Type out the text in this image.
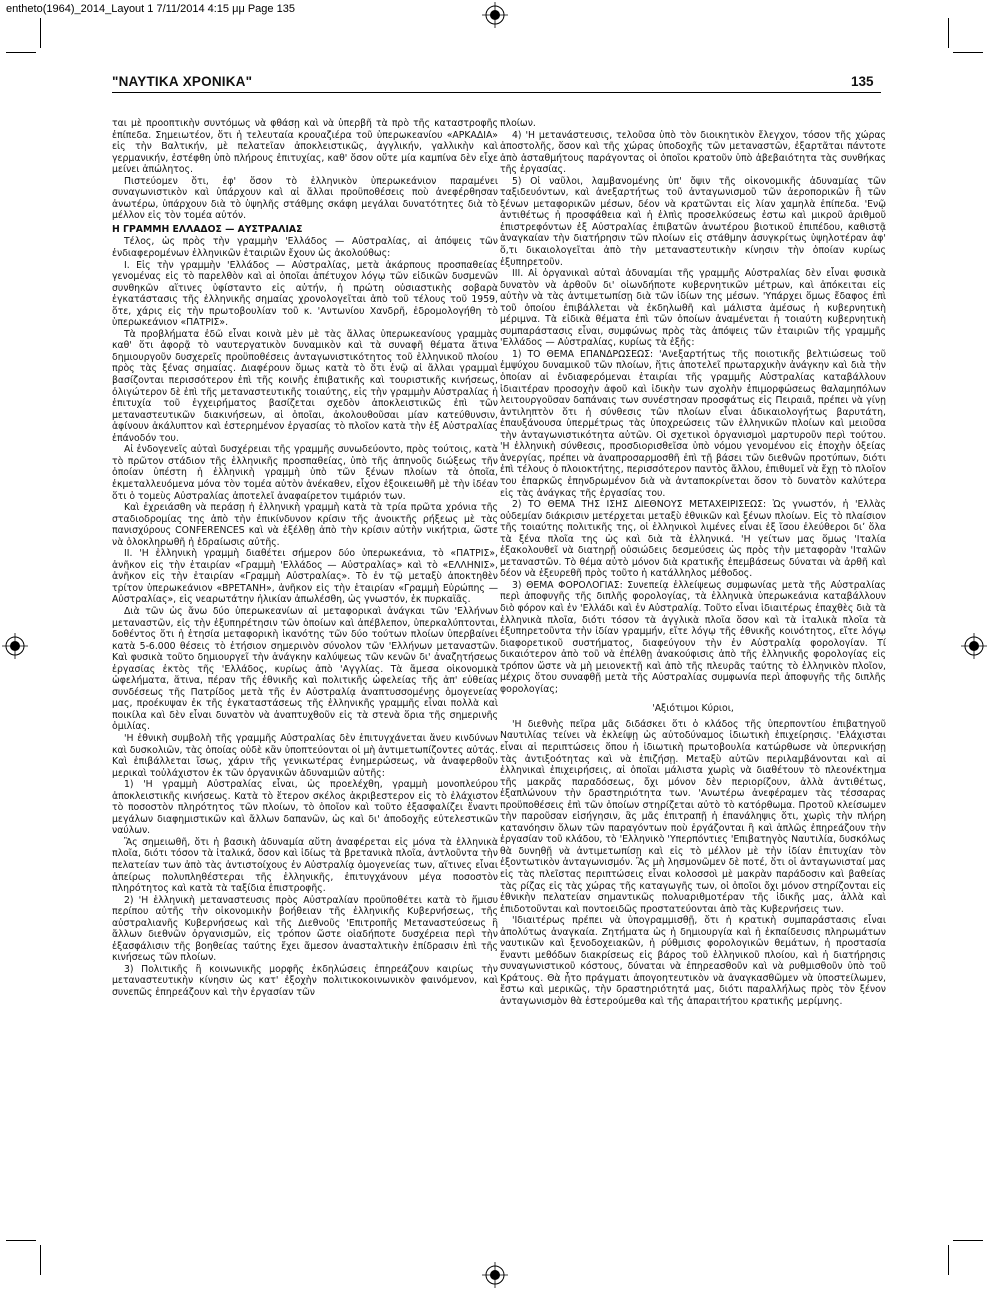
entheto(1964)_2014_Layout 1 7/11/2014 4:15 μμ Page 135
"ΝΑΥΤΙΚΑ ΧΡΟΝΙΚΑ"	135

ται μὲ προοπτικὴν συντόμως νὰ φθάσῃ καὶ νὰ ὑπερβῆ τὰ πρὸ τῆς καταστροφῆς ἐπίπεδα. Σημειωτέον, ὅτι ἡ τελευταία κρουαζιέρα τοῦ ὑπερωκεανίου «ΑΡΚΑΔΙΑ» εἰς τὴν Βαλτικήν, μὲ πελατεῖαν ἀποκλειστικῶς, ἀγγλικήν, γαλλικὴν καὶ γερμανικήν, ἐστέφθη ὑπὸ πλήρους ἐπιτυχίας, καθ' ὅσον οὔτε μία καμπίνα δὲν εἶχε μείνει ἀπώλητος.

Πιστεύομεν ὅτι, ἐφ' ὅσον τὸ ἑλληνικὸν ὑπερωκεάνιον παραμένει συναγωνιστικὸν καὶ ὑπάρχουν καὶ αἱ ἄλλαι προϋποθέσεις ποὺ ἀνεφέρθησαν ἀνωτέρω, ὑπάρχουν διὰ τὸ ὑψηλῆς στάθμης σκάφη μεγάλαι δυνατότητες διὰ τὸ μέλλον εἰς τὸν τομέα αὐτόν.

Η ΓΡΑΜΜΗ ΕΛΛΑΔΟΣ — ΑΥΣΤΡΑΛΙΑΣ

Τέλος, ὡς πρὸς τὴν γραμμὴν 'Ελλάδος — Αὐστραλίας, αἱ ἀπόψεις τῶν ἐνδιαφερομένων ἑλληνικῶν ἑταιριῶν ἔχουν ὡς ἀκολούθως:

Ι. Εἰς τὴν γραμμὴν 'Ελλάδος — Αὐστραλίας, μετὰ ἀκάρπους προσπαθείας γενομένας εἰς τὸ παρελθὸν καὶ αἱ ὁποῖαι ἀπέτυχον λόγῳ τῶν εἰδικῶν δυσμενῶν συνθηκῶν αἵτινες ὑφίσταντο εἰς αὐτήν, ἡ πρώτη οὐσιαστικὴς σοβαρὰ ἐγκατάστασις τῆς ἑλληνικῆς σημαίας χρονολογεῖται ἀπὸ τοῦ τέλους τοῦ 1959, ὅτε, χάρις εἰς τὴν πρωτοβουλίαν τοῦ κ. 'Αντωνίου Χανδρῆ, ἐδρομολογήθη τὸ ὑπερωκεάνιον «ΠΑΤΡΙΣ».

Τὰ προβλήματα ἐδῶ εἶναι κοινὰ μὲν μὲ τὰς ἄλλας ὑπερωκεανίους γραμμὰς καθ' ὅτι ἀφορᾷ τὸ ναυτεργατικὸν δυναμικὸν καὶ τὰ συναφῆ θέματα ἅτινα δημιουργοῦν δυσχερεῖς προϋποθέσεις ἀνταγωνιστικότητος τοῦ ἑλληνικοῦ πλοίου πρὸς τὰς ξένας σημαίας. Διαφέρουν ὅμως κατὰ τὸ ὅτι ἐνῷ αἱ ἄλλαι γραμμαὶ βασίζονται περισσότερον ἐπὶ τῆς κοινῆς ἐπιβατικῆς καὶ τουριστικῆς κινήσεως, ὀλιγώτερον δὲ ἐπὶ τῆς μεταναστευτικῆς τοιαύτης, εἰς τὴν γραμμὴν Αὐστραλίας ἡ ἐπιτυχία τοῦ ἐγχειρήματος βασίζεται σχεδὸν ἀποκλειστικῶς ἐπὶ τῶν μεταναστευτικῶν διακινήσεων, αἱ ὁποῖαι, ἀκολουθοῦσαι μίαν κατεύθυνσιν, ἀφίνουν ἀκάλυπτον καὶ ἐστερημένον ἐργασίας τὸ πλοῖον κατὰ τὴν ἐξ Αὐστραλίας ἐπάνοδόν του.

Αἱ ἐνδογενεῖς αὐταὶ δυσχέρειαι τῆς γραμμῆς συνωδεύοντο, πρὸς τούτοις, κατὰ τὸ πρῶτον στάδιον τῆς ἑλληνικῆς προσπαθείας, ὑπὸ τῆς ἀπηνοῦς διώξεως τῆν ὁποίαν ὑπέστη ἡ ἑλληνικὴ γραμμὴ ὑπὸ τῶν ξένων πλοίων τὰ ὁποῖα, ἐκμεταλλευόμενα μόνα τὸν τομέα αὐτὸν ἀνέκαθεν, εἶχον ἐξοικειωθῆ μὲ τὴν ἰδέαν ὅτι ὁ τομεὺς Αὐστραλίας ἀποτελεῖ ἀναφαίρετον τιμάριόν των.

Καὶ ἐχρειάσθη νὰ περάσῃ ἡ ἑλληνικὴ γραμμὴ κατὰ τὰ τρία πρῶτα χρόνια τῆς σταδιοδρομίας της ἀπὸ τὴν ἐπικίνδυνον κρίσιν τῆς ἀνοικτῆς ρήξεως μὲ τὰς πανισχύρους CONFERENCES καὶ νὰ ἐξέλθῃ ἀπὸ τὴν κρίσιν αὐτὴν νικήτρια, ὥστε νὰ ὁλοκληρωθῆ ἡ ἑδραίωσις αὐτῆς.

ΙΙ. 'Η ἑλληνικὴ γραμμὴ διαθέτει σήμερον δύο ὑπερωκεάνια, τὸ «ΠΑΤΡΙΣ», ἀνῆκον εἰς τὴν ἑταιρίαν «Γραμμὴ 'Ελλάδος — Αὐστραλίας» καὶ τὸ «ΕΛΛΗΝΙΣ», ἀνῆκον εἰς τὴν ἑταιρίαν «Γραμμὴ Αὐστραλίας». Τὸ ἐν τῷ μεταξὺ ἀποκτηθὲν τρίτον ὑπερωκεάνιον «ΒΡΕΤΑΝΗ», ἀνῆκον εἰς τὴν ἑταιρίαν «Γραμμὴ Εὐρώπης — Αὐστραλίας», εἰς νεαρωτάτην ἡλικίαν ἀπωλέσθη, ὡς γνωστόν, ἐκ πυρκαϊᾶς.

Διὰ τῶν ὡς ἄνω δύο ὑπερωκεανίων αἱ μεταφορικαὶ ἀνάγκαι τῶν 'Ελλήνων μεταναστῶν, εἰς τὴν ἐξυπηρέτησιν τῶν ὁποίων καὶ ἀπέβλεπον, ὑπερκαλύπτονται, δοθέντος ὅτι ἡ ἐτησία μεταφορικὴ ἱκανότης τῶν δύο τούτων πλοίων ὑπερβαίνει κατὰ 5-6.000 θέσεις τὸ ἐτήσιον σημερινὸν σύνολον τῶν 'Ελλήνων μεταναστῶν. Καὶ φυσικὰ τοῦτο δημιουργεῖ τὴν ἀνάγκην καλύψεως τῶν κενῶν δι' ἀναζητήσεως ἐργασίας ἐκτὸς τῆς 'Ελλάδος, κυρίως ἀπὸ 'Αγγλίας. Τὰ ἄμεσα οἰκονομικὰ ὠφελήματα, ἅτινα, πέραν τῆς ἐθνικῆς καὶ πολιτικῆς ὠφελείας τῆς ἀπ' εὐθείας συνδέσεως τῆς Πατρίδος μετὰ τῆς ἐν Αὐστραλίᾳ ἀναπτυσσομένης ὁμογενείας μας, προέκυψαν ἐκ τῆς ἐγκαταστάσεως τῆς ἑλληνικῆς γραμμῆς εἶναι πολλὰ καὶ ποικίλα καὶ δὲν εἶναι δυνατὸν νὰ ἀναπτυχθοῦν εἰς τὰ στενὰ ὅρια τῆς σημερινῆς ὁμιλίας.

'Η ἐθνικὴ συμβολὴ τῆς γραμμῆς Αὐστραλίας δὲν ἐπιτυγχάνεται ἄνευ κινδύνων καὶ δυσκολιῶν, τὰς ὁποίας οὐδὲ κἂν ὑποπτεύονται οἱ μὴ ἀντιμετωπίζοντες αὐτάς. Καὶ ἐπιβάλλεται ἴσως, χάριν τῆς γενικωτέρας ἐνημερώσεως, νὰ ἀναφερθοῦν μερικαὶ τοὐλάχιστον ἐκ τῶν ὀργανικῶν ἀδυναμιῶν αὐτῆς:

1) 'Η γραμμὴ Αὐστραλίας εἶναι, ὡς προελέχθη, γραμμὴ μονοπλεύρου ἀποκλειστικῆς κινήσεως. Κατὰ τὸ ἕτερον σκέλος ἀκριβεστερον εἰς τὸ ἐλάχιστον τὸ ποσοστὸν πληρότητος τῶν πλοίων, τὸ ὁποῖον καὶ τοῦτο ἐξασφαλίζει ἔναντι μεγάλων διαφημιστικῶν καὶ ἄλλων δαπανῶν, ὡς καὶ δι' ἀποδοχῆς εὐτελεστικῶν ναύλων.

Ἃς σημειωθῆ, ὅτι ἡ βασικὴ ἀδυναμία αὕτη ἀναφέρεται εἰς μόνα τὰ ἑλληνικὰ πλοῖα, διότι τόσον τὰ ἰταλικά, ὅσον καὶ ἰδίως τὰ βρετανικὰ πλοῖα, ἀντλοῦντα τὴν πελατείαν των ἀπὸ τὰς ἀντιστοίχους ἐν Αὐστραλίᾳ ὁμογενείας των, αἵτινες εἶναι ἀπείρως πολυπληθέστεραι τῆς ἑλληνικῆς, ἐπιτυγχάνουν μέγα ποσοστὸν πληρότητος καὶ κατὰ τὰ ταξίδια ἐπιστροφῆς.

2) 'Η ἑλληνικὴ μεταναστευσις πρὸς Αὐστραλίαν προϋποθέτει κατὰ τὸ ἥμισυ περίπου αὐτῆς τὴν οἰκονομικὴν βοήθειαν τῆς ἑλληνικῆς Κυβερνήσεως, τῆς αὐστραλιανῆς Κυβερνήσεως καὶ τῆς Διεθνοῦς 'Επιτροπῆς Μεταναστεύσεως ἢ ἄλλων διεθνῶν ὀργανισμῶν, εἰς τρόπον ὥστε οἱαδήποτε δυσχέρεια περὶ τὴν ἐξασφάλισιν τῆς βοηθείας ταύτης ἔχει ἄμεσον ἀνασταλτικὴν ἐπίδρασιν ἐπὶ τῆς κινήσεως τῶν πλοίων.

3) Πολιτικῆς ἢ κοινωνικῆς μορφῆς ἐκδηλώσεις ἐπηρεάζουν καιρίως τὴν μεταναστευτικὴν κίνησιν ὡς κατ' ἐξοχὴν πολιτικοκοινωνικὸν φαινόμενον, καὶ συνεπῶς ἐπηρεάζουν καὶ τὴν ἐργασίαν τῶν

πλοίων.

4) 'Η μετανάστευσις, τελοῦσα ὑπὸ τὸν διοικητικὸν ἔλεγχον, τόσον τῆς χώρας ἀποστολῆς, ὅσον καὶ τῆς χώρας ὑποδοχῆς τῶν μεταναστῶν, ἐξαρτᾶται πάντοτε ἀπὸ ἀσταθμήτους παράγοντας οἱ ὁποῖοι κρατοῦν ὑπὸ ἀβεβαιότητα τὰς συνθήκας τῆς ἐργασίας.

5) Οἱ ναῦλοι, λαμβανομένης ὑπ' ὄψιν τῆς οἰκονομικῆς ἀδυναμίας τῶν ταξιδευόντων, καὶ ἀνεξαρτήτως τοῦ ἀνταγωνισμοῦ τῶν ἀεροπορικῶν ἢ τῶν ξένων μεταφορικῶν μέσων, δέον νὰ κρατῶνται εἰς λίαν χαμηλὰ ἐπίπεδα. 'Ενῷ ἀντιθέτως ἡ προσφάθεια καὶ ἡ ἐλπὶς προσελκύσεως ἐστω καὶ μικροῦ ἀριθμοῦ ἐπιστρεφόντων ἐξ Αὐστραλίας ἐπιβατῶν ἀνωτέρου βιοτικοῦ ἐπιπέδου, καθιστᾷ ἀναγκαίαν τὴν διατήρησιν τῶν πλοίων εἰς στάθμην ἀσυγκρίτως ὑψηλοτέραν ἀφ' ὅ,τι δικαιολογεῖται ἀπὸ τὴν μεταναστευτικὴν κίνησιν τὴν ὁποίαν κυρίως ἐξυπηρετοῦν.

ΙΙΙ. Αἱ ὀργανικαὶ αὐταὶ ἀδυναμίαι τῆς γραμμῆς Αὐστραλίας δὲν εἶναι φυσικὰ δυνατὸν νὰ ἀρθοῦν δι' οἱωνδήποτε κυβερνητικῶν μέτρων, καὶ ἀπόκειται εἰς αὐτὴν νὰ τὰς ἀντιμετωπίσῃ διὰ τῶν ἰδίων της μέσων. 'Υπάρχει ὅμως ἔδαφος ἐπὶ τοῦ ὁποίου ἐπιβάλλεται νὰ ἐκδηλωθῆ καὶ μάλιστα ἀμέσως ἡ κυβερνητικὴ μέριμνα. Τὰ εἰδικὰ θέματα ἐπὶ τῶν ὁποίων ἀναμένεται ἡ τοιαύτη κυβερνητικὴ συμπαράστασις εἶναι, συμφώνως πρὸς τὰς ἀπόψεις τῶν ἑταιριῶν τῆς γραμμῆς 'Ελλάδος — Αὐστραλίας, κυρίως τὰ ἑξῆς:

1) ΤΟ ΘΕΜΑ ΕΠΑΝΔΡΩΣΕΩΣ: 'Ανεξαρτήτως τῆς ποιοτικῆς βελτιώσεως τοῦ ἐμψύχου δυναμικοῦ τῶν πλοίων, ἥτις ἀποτελεῖ πρωταρχικὴν ἀνάγκην καὶ διὰ τὴν ὁποίαν αἱ ἐνδιαφερόμεναι ἑταιρίαι τῆς γραμμῆς Αὐστραλίας καταβάλλουν ἰδιαιτέραν προσοχὴν ἀφοῦ καὶ ἰδικὴν των σχολὴν ἐπιμορφώσεως θαλαμηπόλων λειτουργοῦσαν δαπάναις των συνέστησαν προσφάτως εἰς Πειραιᾶ, πρέπει νὰ γίνῃ ἀντιληπτὸν ὅτι ἡ σύνθεσις τῶν πλοίων εἶναι ἀδικαιολογήτως βαρυτάτη, ἐπαυξάνουσα ὑπερμέτρως τὰς ὑποχρεώσεις τῶν ἑλληνικῶν πλοίων καὶ μειοῦσα τὴν ἀνταγωνιστικότητα αὐτῶν. Οἱ σχετικοὶ ὀργανισμοὶ μαρτυροῦν περὶ τούτου. 'Η ἑλληνικὴ σύνθεσις, προσδιορισθεῖσα ὑπὸ νόμου γενομένου εἰς ἐποχὴν ὀξείας ἀνεργίας, πρέπει νὰ ἀναπροσαρμοσθῆ ἐπὶ τῇ βάσει τῶν διεθνῶν προτύπων, διότι ἐπὶ τέλους ὁ πλοιοκτήτης, περισσότερον παντὸς ἄλλου, ἐπιθυμεῖ νὰ ἔχῃ τὸ πλοῖον του ἐπαρκῶς ἐπηνδρωμένον διὰ νὰ ἀνταποκρίνεται ὅσον τὸ δυνατὸν καλύτερα εἰς τὰς ἀνάγκας τῆς ἐργασίας του.

2) ΤΟ ΘΕΜΑ ΤΗΣ ΙΣΗΣ ΔΙΕΘΝΟΥΣ ΜΕΤΑΧΕΙΡΙΣΕΩΣ: Ὡς γνωστόν, ἡ 'Ελλὰς οὐδεμίαν διάκρισιν μετέρχεται μεταξὺ ἐθνικῶν καὶ ξένων πλοίων. Εἰς τὸ πλαίσιον τῆς τοιαύτης πολιτικῆς της, οἱ ἑλληνικοὶ λιμένες εἶναι ἐξ ἴσου ἐλεύθεροι διʼ ὅλα τὰ ξένα πλοῖα της ὡς καὶ διὰ τὰ ἑλληνικά. 'Η γείτων μας ὅμως 'Ιταλία ἐξακολουθεῖ νὰ διατηρῇ οὐσιώδεις δεσμεύσεις ὡς πρὸς τὴν μεταφορὰν 'Ιταλῶν μεταναστῶν. Τὸ θέμα αὐτὸ μόνον διὰ κρατικῆς ἐπεμβάσεως δύναται νὰ ἀρθῆ καὶ δέον νὰ ἐξευρεθῆ πρὸς τοῦτο ἡ κατάλληλος μέθοδος.

3) ΘΕΜΑ ΦΟΡΟΛΟΓΙΑΣ: Συνεπείᾳ ἐλλείψεως συμφωνίας μετὰ τῆς Αὐστραλίας περὶ ἀποφυγῆς τῆς διπλῆς φορολογίας, τὰ ἑλληνικὰ ὑπερωκεάνια καταβάλλουν διὸ φόρον καὶ ἐν 'Ελλάδι καὶ ἐν Αὐστραλίᾳ. Τοῦτο εἶναι ἰδιαιτέρως ἐπαχθὲς διὰ τὰ ἑλληνικὰ πλοῖα, διότι τόσον τὰ ἀγγλικὰ πλοῖα ὅσον καὶ τὰ ἰταλικὰ πλοῖα τὰ ἐξυπηρετοῦντα τὴν ἰδίαν γραμμήν, εἴτε λόγῳ τῆς ἐθνικῆς κοινότητος, εἴτε λόγῳ διαφορετικοῦ συστήματος, διαφεύγουν τὴν ἐν Αὐστραλίᾳ φορολογίαν. Τί δικαιότερον ἀπὸ τοῦ νὰ ἐπέλθῃ ἀνακούφισις ἀπὸ τῆς ἑλληνικῆς φορολογίας εἰς τρόπον ὥστε νὰ μὴ μειονεκτῇ καὶ ἀπὸ τῆς πλευρᾶς ταύτης τὸ ἑλληνικὸν πλοῖον, μέχρις ὅτου συναφθῇ μετὰ τῆς Αὐστραλίας συμφωνία περὶ ἀποφυγῆς τῆς διπλῆς φορολογίας;

'Αξιότιμοι Κύριοι,

'Η διεθνὴς πεῖρα μᾶς διδάσκει ὅτι ὁ κλάδος τῆς ὑπερποντίου ἐπιβατηγοῦ Ναυτιλίας τείνει νὰ ἐκλείψῃ ὡς αὐτοδύναμος ἰδιωτικὴ ἐπιχείρησις. 'Ελάχισται εἶναι αἱ περιπτώσεις ὅπου ἡ ἰδιωτικὴ πρωτοβουλία κατώρθωσε νὰ ὑπερνικήσῃ τὰς ἀντιξοότητας καὶ νὰ ἐπιζήσῃ. Μεταξὺ αὐτῶν περιλαμβάνονται καὶ αἱ ἑλληνικαὶ ἐπιχειρήσεις, αἱ ὁποῖαι μάλιστα χωρὶς νὰ διαθέτουν τὸ πλεονέκτημα τῆς μακρᾶς παραδόσεως, ὄχι μόνον δὲν περιορίζουν, ἀλλὰ ἀντιθέτως, ἐξαπλώνουν τὴν δραστηριότητα των. 'Ανωτέρω ἀνεφέραμεν τὰς τέσσαρας προϋποθέσεις ἐπὶ τῶν ὁποίων στηρίζεται αὐτὸ τὸ κατόρθωμα. Προτοῦ κλείσωμεν τὴν παροῦσαν εἰσήγησιν, ἂς μᾶς ἐπιτραπῇ ἡ ἐπανάληψις ὅτι, χωρὶς τὴν πλήρη κατανόησιν ὅλων τῶν παραγόντων ποὺ ἐργάζονται ἢ καὶ ἁπλῶς ἐπηρεάζουν τὴν ἐργασίαν τοῦ κλάδου, τὸ 'Ελληνικὸ 'Υπερπόντιες 'Επιβατηγὸς Ναυτιλία, δυσκόλως θὰ δυνηθῇ νὰ ἀντιμετωπίσῃ καὶ εἰς τὸ μέλλον μὲ τὴν ἰδίαν ἐπιτυχίαν τὸν ἐξοντωτικὸν ἀνταγωνισμόν. Ἂς μὴ λησμονῶμεν δὲ ποτέ, ὅτι οἱ ἀνταγωνισταί μας εἰς τὰς πλεῖστας περιπτώσεις εἶναι κολοσσοὶ μὲ μακρὰν παράδοσιν καὶ βαθείας τὰς ρίζας εἰς τὰς χώρας τῆς καταγωγῆς των, οἱ ὁποῖοι ὄχι μόνον στηρίζονται εἰς ἐθνικὴν πελατείαν σημαντικῶς πολυαριθμοτέραν τῆς ἰδικῆς μας, ἀλλὰ καὶ ἐπιδοτοῦνται καὶ ποντοειδῶς προστατεύονται ἀπὸ τὰς Κυβερνήσεις των.

'Ιδιαιτέρως πρέπει νὰ ὑπογραμμισθῇ, ὅτι ἡ κρατικὴ συμπαράστασις εἶναι ἀπολύτως ἀναγκαία. Ζητήματα ὡς ἡ δημιουργία καὶ ἡ ἐκπαίδευσις πληρωμάτων ναυτικῶν καὶ ξενοδοχειακῶν, ἡ ρύθμισις φορολογικῶν θεμάτων, ἡ προστασία ἔναντι μεθόδων διακρίσεως εἰς βάρος τοῦ ἑλληνικοῦ πλοίου, καὶ ἡ διατήρησις συναγωνιστικοῦ κόστους, δύναται νὰ ἐπηρεασθοῦν καὶ νὰ ρυθμισθοῦν ὑπὸ τοῦ Κράτους. Θὰ ἦτο πράγματι ἀπογοητευτικὸν νὰ ἀναγκασθῶμεν νὰ ὑποστείλωμεν, ἔστω καὶ μερικῶς, τὴν δραστηριότητά μας, διότι παραλλήλως πρὸς τὸν ξένον ἀνταγωνισμὸν θὰ ἐστερούμεθα καὶ τῆς ἀπαραιτήτου κρατικῆς μερίμνης.
